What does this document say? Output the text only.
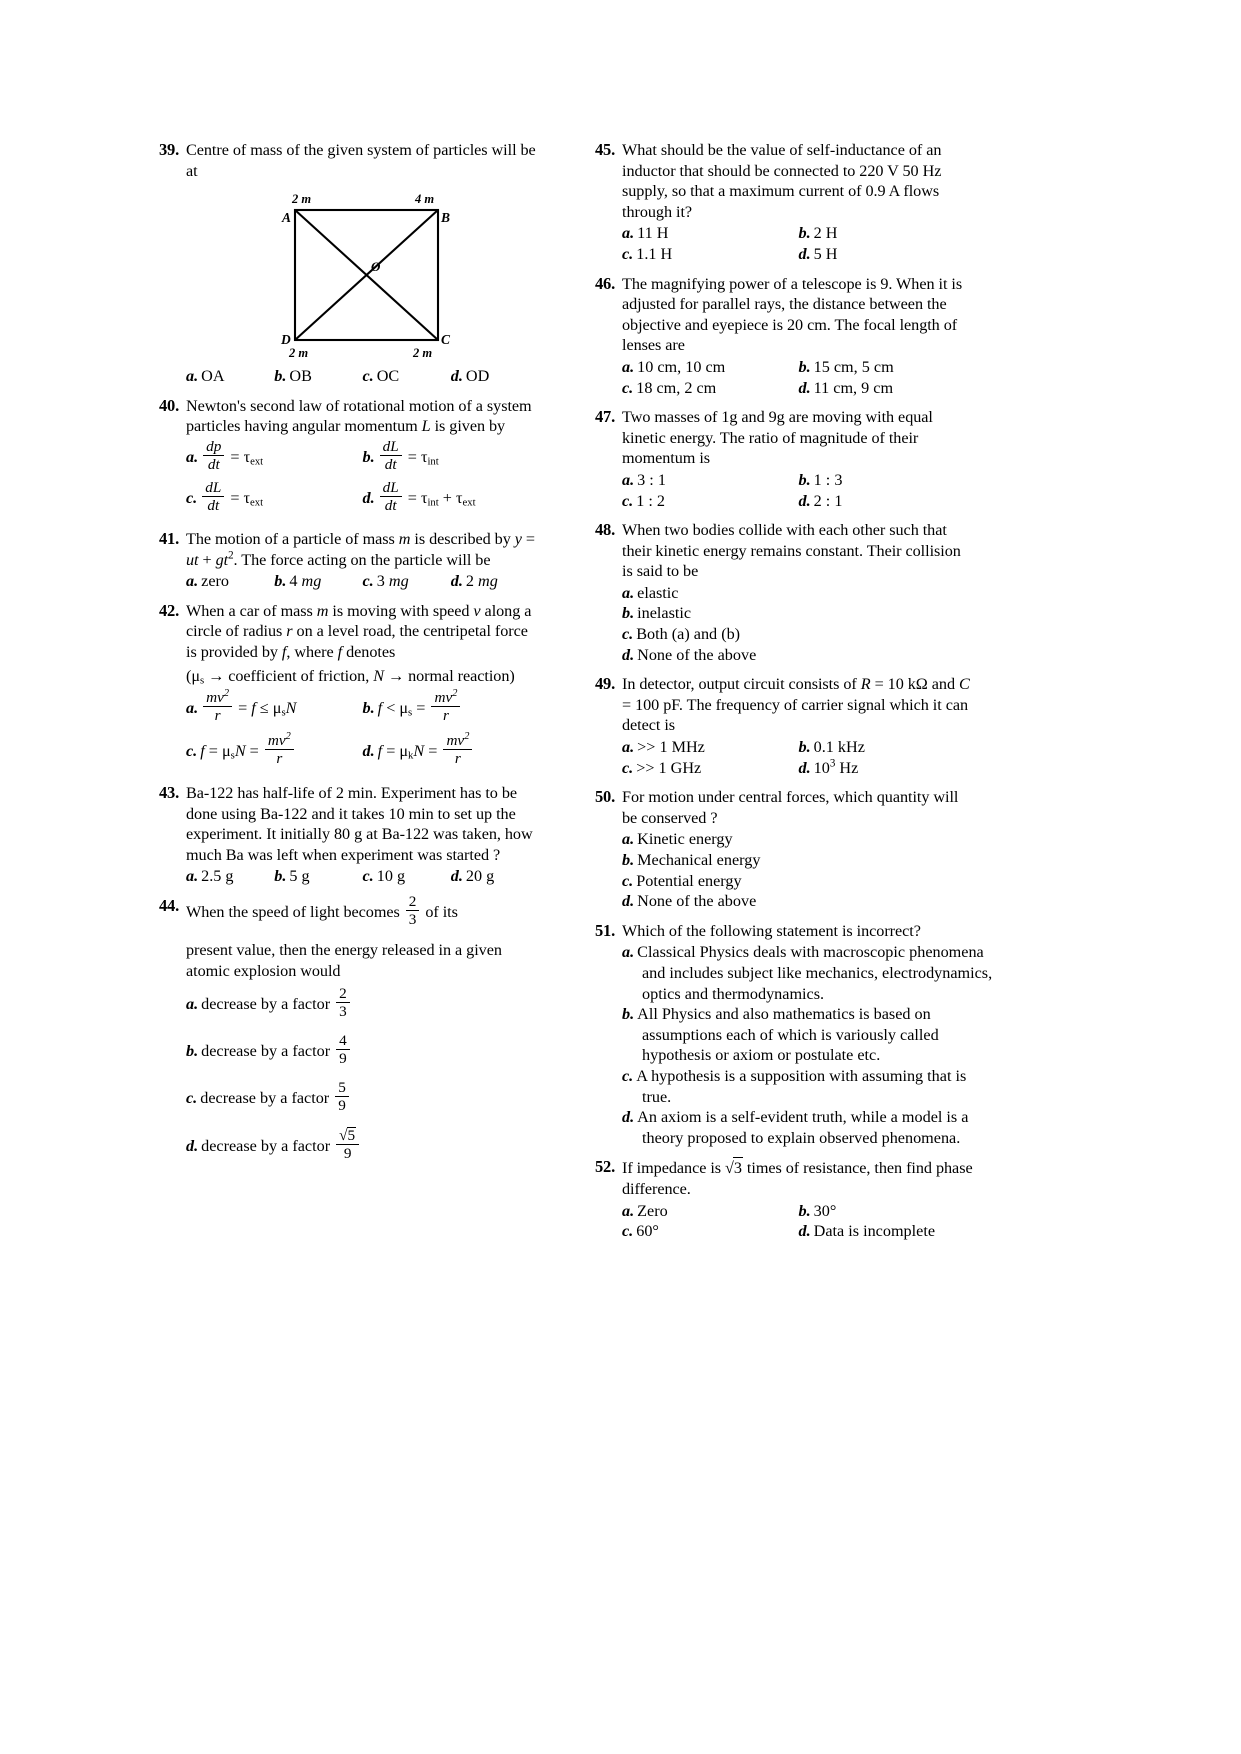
39. Centre of mass of the given system of particles will be at
2 m	4 m
A	B
O
D	C
2 m	2 m
a. OA	b. OB	c. OC	d. OD
40. Newton's second law of rotational motion of a system particles having angular momentum L is given by
a. $\frac{dp}{dt} = \tau_{ext}$	b. $\frac{dL}{dt} = \tau_{int}$
c. $\frac{dL}{dt} = \tau_{ext}$	d. $\frac{dL}{dt} = \tau_{int} + \tau_{ext}$
41. The motion of a particle of mass m is described by y = ut + $gt^2$. The force acting on the particle will be
a. zero	b. 4 mg	c. 3 mg	d. 2 mg
42. When a car of mass m is moving with speed v along a circle of radius r on a level road, the centripetal force is provided by f, where f denotes
($\mu_s$ → coefficient of friction, N → normal reaction)
a. $\frac{mv^2}{r} = f \le \mu_sN$	b. $f < \mu_s = \frac{mv^2}{r}$
c. $f = \mu_sN = \frac{mv^2}{r}$	d. $f = \mu_kN = \frac{mv^2}{r}$
43. Ba-122 has half-life of 2 min. Experiment has to be done using Ba-122 and it takes 10 min to set up the experiment. It initially 80 g at Ba-122 was taken, how much Ba was left when experiment was started ?
a. 2.5 g	b. 5 g	c. 10 g	d. 20 g
44. When the speed of light becomes $\frac{2}{3}$ of its
present value, then the energy released in a given atomic explosion would
a. decrease by a factor $\frac{2}{3}$
b. decrease by a factor $\frac{4}{9}$
c. decrease by a factor $\frac{5}{9}$
d. decrease by a factor $\frac{√5}{9}$
45. What should be the value of self-inductance of an inductor that should be connected to 220 V 50 Hz supply, so that a maximum current of 0.9 A flows through it?
a. 11 H	b. 2 H
c. 1.1 H	d. 5 H
46. The magnifying power of a telescope is 9. When it is adjusted for parallel rays, the distance between the objective and eyepiece is 20 cm. The focal length of lenses are
a. 10 cm, 10 cm	b. 15 cm, 5 cm
c. 18 cm, 2 cm	d. 11 cm, 9 cm
47. Two masses of 1g and 9g are moving with equal kinetic energy. The ratio of magnitude of their momentum is
a. 3 : 1	b. 1 : 3
c. 1 : 2	d. 2 : 1
48. When two bodies collide with each other such that their kinetic energy remains constant. Their collision is said to be
a. elastic
b. inelastic
c. Both (a) and (b)
d. None of the above
49. In detector, output circuit consists of R = 10 kΩ and C = 100 pF. The frequency of carrier signal which it can detect is
a. >> 1 MHz	b. 0.1 kHz
c. >> 1 GHz	d. $10^3$ Hz
50. For motion under central forces, which quantity will be conserved ?
a. Kinetic energy
b. Mechanical energy
c. Potential energy
d. None of the above
51. Which of the following statement is incorrect?
a. Classical Physics deals with macroscopic phenomena and includes subject like mechanics, electrodynamics, optics and thermodynamics.
b. All Physics and also mathematics is based on assumptions each of which is variously called hypothesis or axiom or postulate etc.
c. A hypothesis is a supposition with assuming that is true.
d. An axiom is a self-evident truth, while a model is a theory proposed to explain observed phenomena.
52. If impedance is √3 times of resistance, then find phase difference.
a. Zero	b. 30°
c. 60°	d. Data is incomplete
